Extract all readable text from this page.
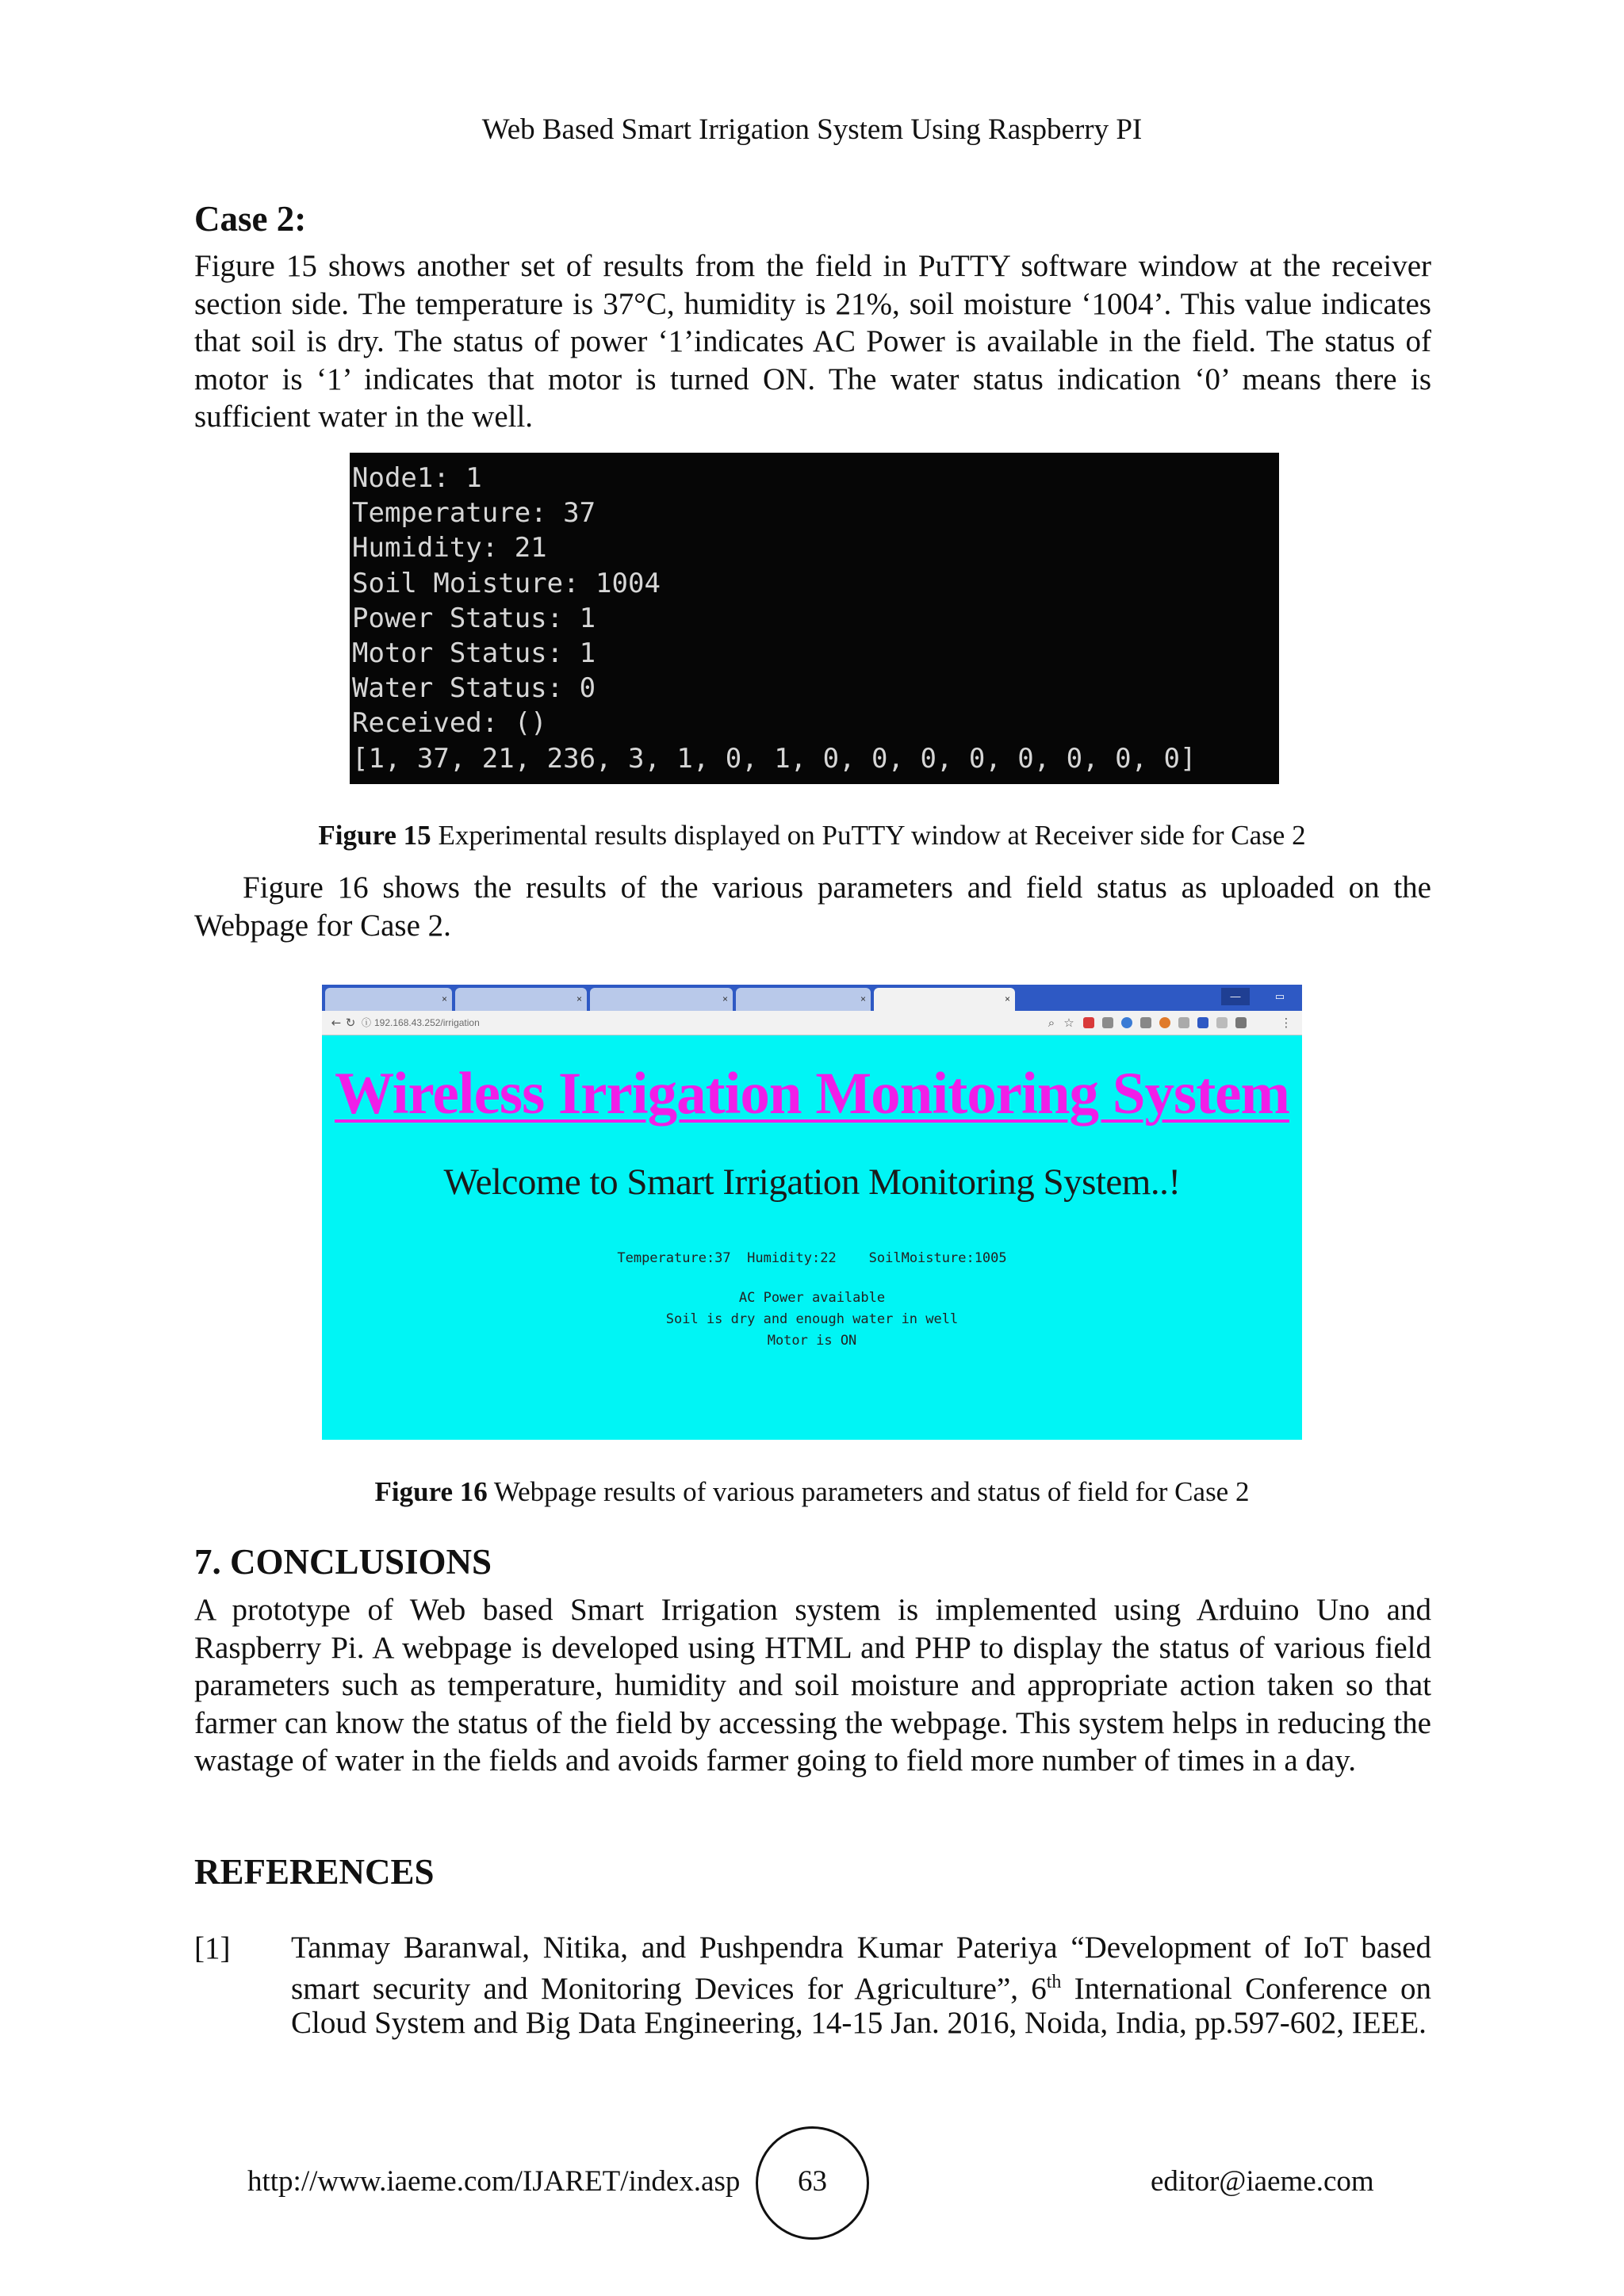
Web Based Smart Irrigation System Using Raspberry PI
Case 2:

Figure 15 shows another set of results from the field in PuTTY software window at the receiver section side. The temperature is 37°C, humidity is 21%, soil moisture ‘1004’. This value indicates that soil is dry. The status of power ‘1’indicates AC Power is available in the field. The status of motor is ‘1’ indicates that motor is turned ON. The water status indication ‘0’ means there is sufficient water in the well.

Node1: 1
Temperature: 37
Humidity: 21
Soil Moisture: 1004
Power Status: 1
Motor Status: 1
Water Status: 0
Received: ()
[1, 37, 21, 236, 3, 1, 0, 1, 0, 0, 0, 0, 0, 0, 0, 0]
Figure 15 Experimental results displayed on PuTTY window at Receiver side for Case 2

Figure 16 shows the results of the various parameters and field status as uploaded on the Webpage for Case 2.

×	×	×	×	×	—	▭
← ↻ ⓘ 192.168.43.252/irrigation	⌕ ☆	⋮
Wireless Irrigation Monitoring System
Welcome to Smart Irrigation Monitoring System..!
Temperature:37  Humidity:22    SoilMoisture:1005
AC Power available
Soil is dry and enough water in well
Motor is ON
Figure 16 Webpage results of various parameters and status of field for Case 2
7. CONCLUSIONS

A prototype of Web based Smart Irrigation system is implemented using Arduino Uno and Raspberry Pi. A webpage is developed using HTML and PHP to display the status of various field parameters such as temperature, humidity and soil moisture and appropriate action taken so that farmer can know the status of the field by accessing the webpage. This system helps in reducing the wastage of water in the fields and avoids farmer going to field more number of times in a day.

REFERENCES
[1] Tanmay Baranwal, Nitika, and Pushpendra Kumar Pateriya “Development of IoT based smart security and Monitoring Devices for Agriculture”, 6th International Conference on Cloud System and Big Data Engineering, 14-15 Jan. 2016, Noida, India, pp.597-602, IEEE.

http://www.iaeme.com/IJARET/index.asp	63	editor@iaeme.com
